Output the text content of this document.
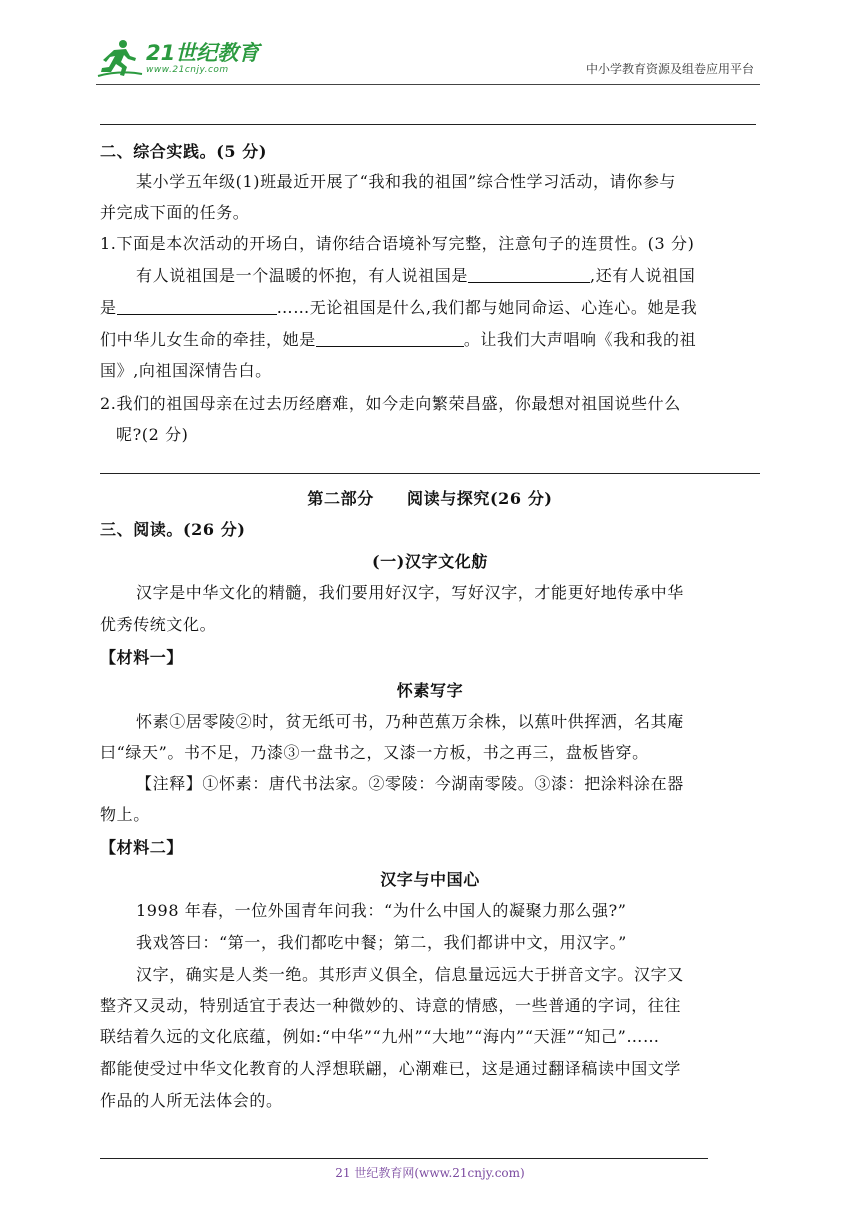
21世纪教育
www.21cnjy.com	中小学教育资源及组卷应用平台
二、综合实践。(5 分)
某小学五年级(1)班最近开展了“我和我的祖国”综合性学习活动，请你参与
并完成下面的任务。
1.下面是本次活动的开场白，请你结合语境补写完整，注意句子的连贯性。(3 分)
有人说祖国是一个温暖的怀抱，有人说祖国是	,还有人说祖国
是	……无论祖国是什么,我们都与她同命运、心连心。她是我
们中华儿女生命的牵挂，她是	。让我们大声唱响《我和我的祖
国》,向祖国深情告白。
2.我们的祖国母亲在过去历经磨难，如今走向繁荣昌盛，你最想对祖国说些什么
呢?(2 分)
第二部分　　阅读与探究(26 分)
三、阅读。(26 分)
(一)汉字文化舫
汉字是中华文化的精髓，我们要用好汉字，写好汉字，才能更好地传承中华
优秀传统文化。
【材料一】
怀素写字
怀素①居零陵②时，贫无纸可书，乃种芭蕉万余株，以蕉叶供挥洒，名其庵
曰“绿天”。书不足，乃漆③一盘书之，又漆一方板，书之再三，盘板皆穿。
【注释】①怀素：唐代书法家。②零陵：今湖南零陵。③漆：把涂料涂在器
物上。
【材料二】
汉字与中国心
1998 年春，一位外国青年问我：“为什么中国人的凝聚力那么强?”
我戏答曰：“第一，我们都吃中餐；第二，我们都讲中文，用汉字。”
汉字，确实是人类一绝。其形声义俱全，信息量远远大于拼音文字。汉字又
整齐又灵动，特别适宜于表达一种微妙的、诗意的情感，一些普通的字词，往往
联结着久远的文化底蕴，例如:“中华”“九州”“大地”“海内”“天涯”“知己”……
都能使受过中华文化教育的人浮想联翩，心潮难已，这是通过翻译稿读中国文学
作品的人所无法体会的。
21 世纪教育网(www.21cnjy.com)
